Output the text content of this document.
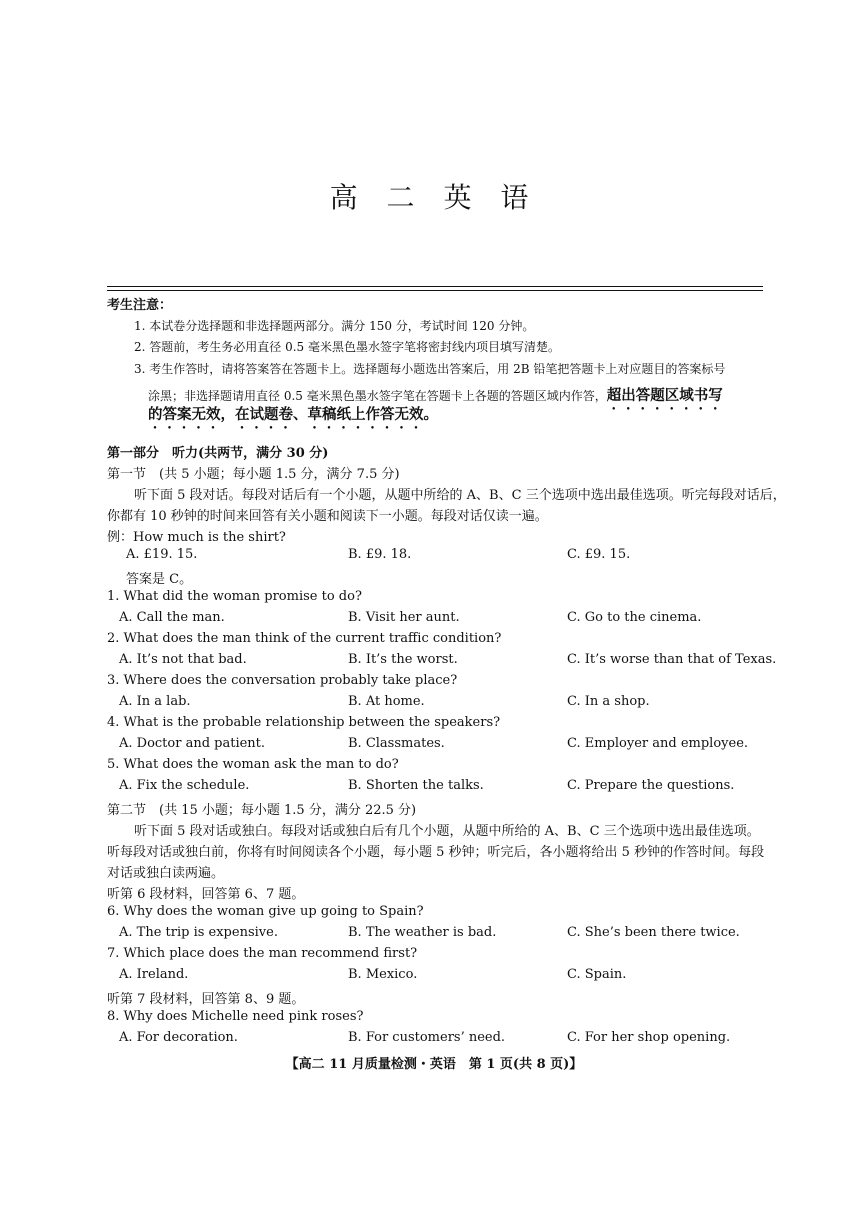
高 二 英 语
考生注意：
1. 本试卷分选择题和非选择题两部分。满分 150 分，考试时间 120 分钟。
2. 答题前，考生务必用直径 0.5 毫米黑色墨水签字笔将密封线内项目填写清楚。
3. 考生作答时，请将答案答在答题卡上。选择题每小题选出答案后，用 2B 铅笔把答题卡上对应题目的答案标号
涂黑；非选择题请用直径 0.5 毫米黑色墨水签字笔在答题卡上各题的答题区域内作答，超出答题区域书写
的答案无效，在试题卷、草稿纸上作答无效。
第一部分　听力(共两节，满分 30 分)
第一节　(共 5 小题；每小题 1.5 分，满分 7.5 分)
听下面 5 段对话。每段对话后有一个小题，从题中所给的 A、B、C 三个选项中选出最佳选项。听完每段对话后，
你都有 10 秒钟的时间来回答有关小题和阅读下一小题。每段对话仅读一遍。
例：How much is the shirt?
A. £19. 15.	B. £9. 18.	C. £9. 15.
答案是 C。
1. What did the woman promise to do?
A. Call the man.	B. Visit her aunt.	C. Go to the cinema.
2. What does the man think of the current traffic condition?
A. It’s not that bad.	B. It’s the worst.	C. It’s worse than that of Texas.
3. Where does the conversation probably take place?
A. In a lab.	B. At home.	C. In a shop.
4. What is the probable relationship between the speakers?
A. Doctor and patient.	B. Classmates.	C. Employer and employee.
5. What does the woman ask the man to do?
A. Fix the schedule.	B. Shorten the talks.	C. Prepare the questions.
第二节　(共 15 小题；每小题 1.5 分，满分 22.5 分)
听下面 5 段对话或独白。每段对话或独白后有几个小题，从题中所给的 A、B、C 三个选项中选出最佳选项。
听每段对话或独白前，你将有时间阅读各个小题，每小题 5 秒钟；听完后，各小题将给出 5 秒钟的作答时间。每段
对话或独白读两遍。
听第 6 段材料，回答第 6、7 题。
6. Why does the woman give up going to Spain?
A. The trip is expensive.	B. The weather is bad.	C. She’s been there twice.
7. Which place does the man recommend first?
A. Ireland.	B. Mexico.	C. Spain.
听第 7 段材料，回答第 8、9 题。
8. Why does Michelle need pink roses?
A. For decoration.	B. For customers’ need.	C. For her shop opening.
【高二 11 月质量检测・英语　第 1 页(共 8 页)】
